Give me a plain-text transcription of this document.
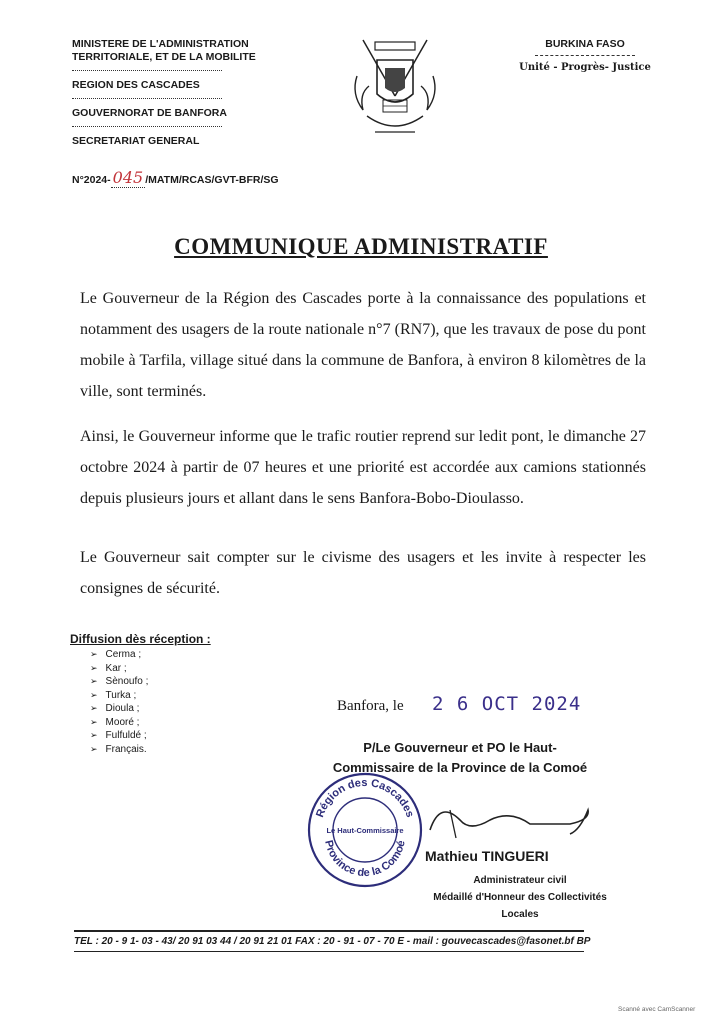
MINISTERE DE L'ADMINISTRATION
TERRITORIALE, ET DE LA MOBILITE
REGION DES CASCADES
GOUVERNORAT DE BANFORA
SECRETARIAT GENERAL
N°2024- 045 /MATM/RCAS/GVT-BFR/SG
BURKINA FASO
Unité - Progrès- Justice
COMMUNIQUE ADMINISTRATIF
Le Gouverneur de la Région des Cascades porte à la connaissance des populations et notamment des usagers de la route nationale n°7 (RN7), que les travaux de pose du pont mobile à Tarfila, village situé dans la commune de Banfora, à environ 8 kilomètres de la ville, sont terminés.
Ainsi, le Gouverneur informe que le trafic routier reprend sur ledit pont, le dimanche 27 octobre 2024 à partir de 07 heures et une priorité est accordée aux camions stationnés depuis plusieurs jours et allant dans le sens Banfora-Bobo-Dioulasso.
Le Gouverneur sait compter sur le civisme des usagers et les invite à respecter les consignes de sécurité.
Diffusion dès réception :
➢ Cerma ;
➢ Kar ;
➢ Sènoufo ;
➢ Turka ;
➢ Dioula ;
➢ Mooré ;
➢ Fulfuldé ;
➢ Français.
Banfora, le 2 6 OCT 2024
P/Le Gouverneur et PO le Haut-
Commissaire de la Province de la Comoé
Région des Cascades
Province de la Comoé
Le Haut-Commissaire
Mathieu TINGUERI
Administrateur civil
Médaillé d'Honneur des Collectivités Locales
TEL : 20 - 9 1- 03 - 43/ 20 91 03 44 / 20 91 21 01 FAX : 20 - 91 - 07 - 70 E - mail : gouvecascades@fasonet.bf BP
Scanné avec CamScanner
